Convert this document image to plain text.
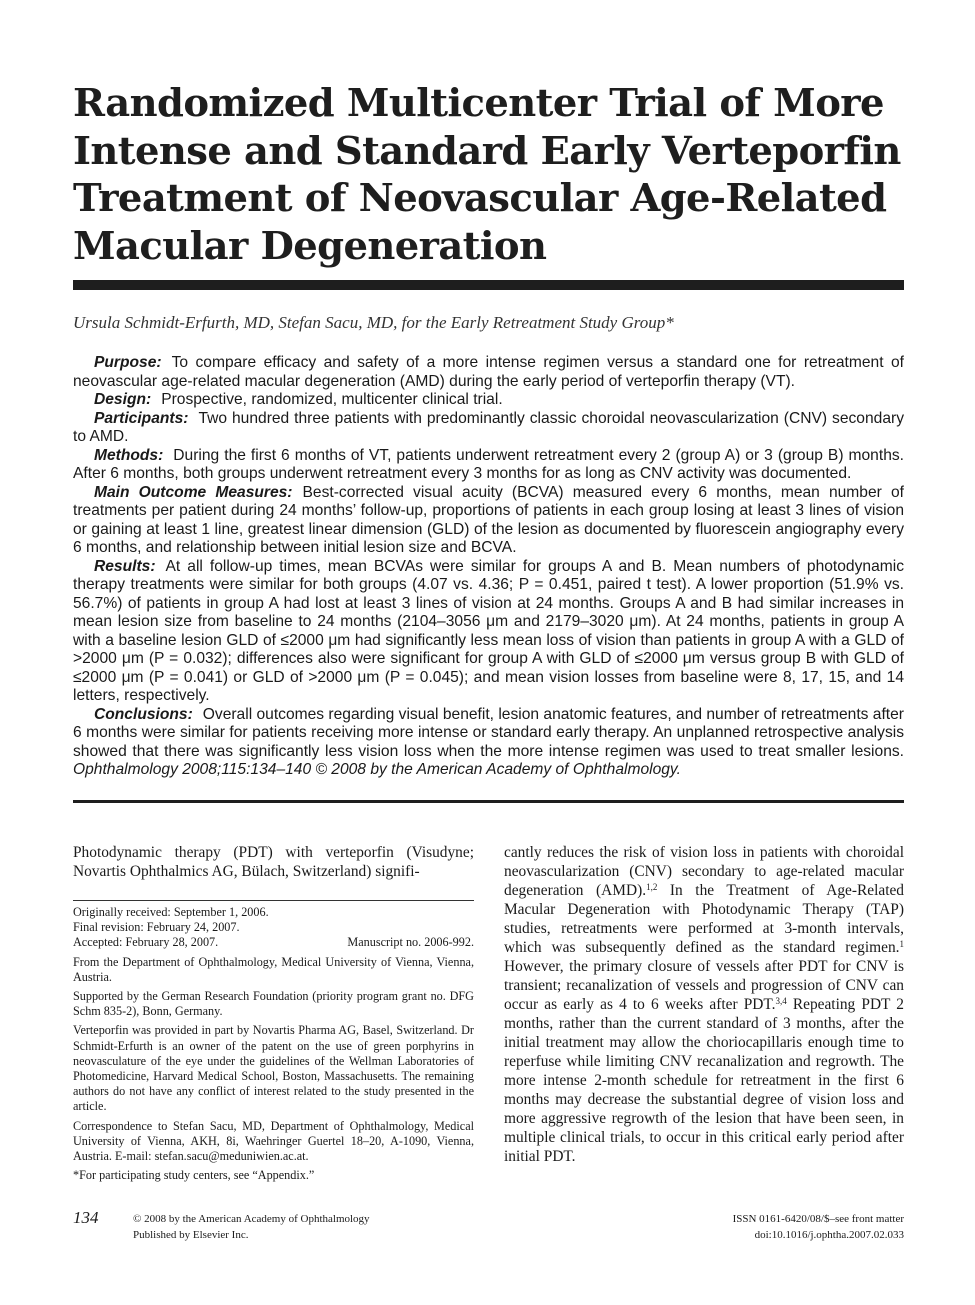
Randomized Multicenter Trial of More
Intense and Standard Early Verteporfin
Treatment of Neovascular Age-Related
Macular Degeneration
Ursula Schmidt-Erfurth, MD, Stefan Sacu, MD, for the Early Retreatment Study Group*

Purpose: To compare efficacy and safety of a more intense regimen versus a standard one for retreatment of neovascular age-related macular degeneration (AMD) during the early period of verteporfin therapy (VT).

Design: Prospective, randomized, multicenter clinical trial.

Participants: Two hundred three patients with predominantly classic choroidal neovascularization (CNV) secondary to AMD.

Methods: During the first 6 months of VT, patients underwent retreatment every 2 (group A) or 3 (group B) months. After 6 months, both groups underwent retreatment every 3 months for as long as CNV activity was documented.

Main Outcome Measures: Best-corrected visual acuity (BCVA) measured every 6 months, mean number of treatments per patient during 24 months’ follow-up, proportions of patients in each group losing at least 3 lines of vision or gaining at least 1 line, greatest linear dimension (GLD) of the lesion as documented by fluorescein angiography every 6 months, and relationship between initial lesion size and BCVA.

Results: At all follow-up times, mean BCVAs were similar for groups A and B. Mean numbers of photodynamic therapy treatments were similar for both groups (4.07 vs. 4.36; P = 0.451, paired t test). A lower proportion (51.9% vs. 56.7%) of patients in group A had lost at least 3 lines of vision at 24 months. Groups A and B had similar increases in mean lesion size from baseline to 24 months (2104–3056 μm and 2179–3020 μm). At 24 months, patients in group A with a baseline lesion GLD of ≤2000 μm had significantly less mean loss of vision than patients in group A with a GLD of >2000 μm (P = 0.032); differences also were significant for group A with GLD of ≤2000 μm versus group B with GLD of ≤2000 μm (P = 0.041) or GLD of >2000 μm (P = 0.045); and mean vision losses from baseline were 8, 17, 15, and 14 letters, respectively.

Conclusions: Overall outcomes regarding visual benefit, lesion anatomic features, and number of retreatments after 6 months were similar for patients receiving more intense or standard early therapy. An unplanned retrospective analysis showed that there was significantly less vision loss when the more intense regimen was used to treat smaller lesions. Ophthalmology 2008;115:134–140 © 2008 by the American Academy of Ophthalmology.

Photodynamic therapy (PDT) with verteporfin (Visudyne; Novartis Ophthalmics AG, Bülach, Switzerland) signifi-

Originally received: September 1, 2006.

Final revision: February 24, 2007.

Accepted: February 28, 2007.	Manuscript no. 2006-992.

From the Department of Ophthalmology, Medical University of Vienna, Vienna, Austria.

Supported by the German Research Foundation (priority program grant no. DFG Schm 835-2), Bonn, Germany.

Verteporfin was provided in part by Novartis Pharma AG, Basel, Switzerland. Dr Schmidt-Erfurth is an owner of the patent on the use of green porphyrins in neovasculature of the eye under the guidelines of the Wellman Laboratories of Photomedicine, Harvard Medical School, Boston, Massachusetts. The remaining authors do not have any conflict of interest related to the study presented in the article.

Correspondence to Stefan Sacu, MD, Department of Ophthalmology, Medical University of Vienna, AKH, 8i, Waehringer Guertel 18–20, A-1090, Vienna, Austria. E-mail: stefan.sacu@meduniwien.ac.at.

*For participating study centers, see “Appendix.”

cantly reduces the risk of vision loss in patients with choroidal neovascularization (CNV) secondary to age-related macular degeneration (AMD).$^{1,2}$ In the Treatment of Age-Related Macular Degeneration with Photodynamic Therapy (TAP) studies, retreatments were performed at 3-month intervals, which was subsequently defined as the standard regimen.$^1$ However, the primary closure of vessels after PDT for CNV is transient; recanalization of vessels and progression of CNV can occur as early as 4 to 6 weeks after PDT.$^{3,4}$ Repeating PDT 2 months, rather than the current standard of 3 months, after the initial treatment may allow the choriocapillaris enough time to reperfuse while limiting CNV recanalization and regrowth. The more intense 2-month schedule for retreatment in the first 6 months may decrease the substantial degree of vision loss and more aggressive regrowth of the lesion that have been seen, in multiple clinical trials, to occur in this critical early period after initial PDT.

134	© 2008 by the American Academy of Ophthalmology
Published by Elsevier Inc.
ISSN 0161-6420/08/$–see front matter
doi:10.1016/j.ophtha.2007.02.033
